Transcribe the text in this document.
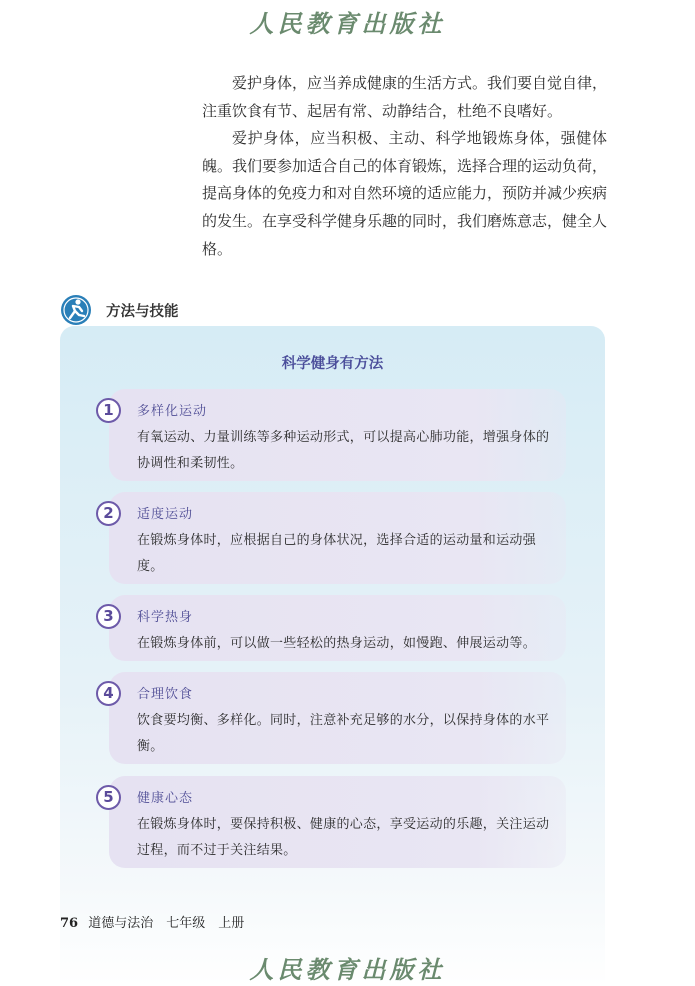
人民教育出版社

爱护身体，应当养成健康的生活方式。我们要自觉自律，注重饮食有节、起居有常、动静结合，杜绝不良嗜好。

爱护身体，应当积极、主动、科学地锻炼身体，强健体魄。我们要参加适合自己的体育锻炼，选择合理的运动负荷，提高身体的免疫力和对自然环境的适应能力，预防并减少疾病的发生。在享受科学健身乐趣的同时，我们磨炼意志，健全人格。

方法与技能
科学健身有方法
1	多样化运动
有氧运动、力量训练等多种运动形式，可以提高心肺功能，增强身体的协调性和柔韧性。
2	适度运动
在锻炼身体时，应根据自己的身体状况，选择合适的运动量和运动强度。
3	科学热身
在锻炼身体前，可以做一些轻松的热身运动，如慢跑、伸展运动等。
4	合理饮食
饮食要均衡、多样化。同时，注意补充足够的水分，以保持身体的水平衡。
5	健康心态
在锻炼身体时，要保持积极、健康的心态，享受运动的乐趣，关注运动过程，而不过于关注结果。
76 道德与法治　七年级　上册
人民教育出版社
